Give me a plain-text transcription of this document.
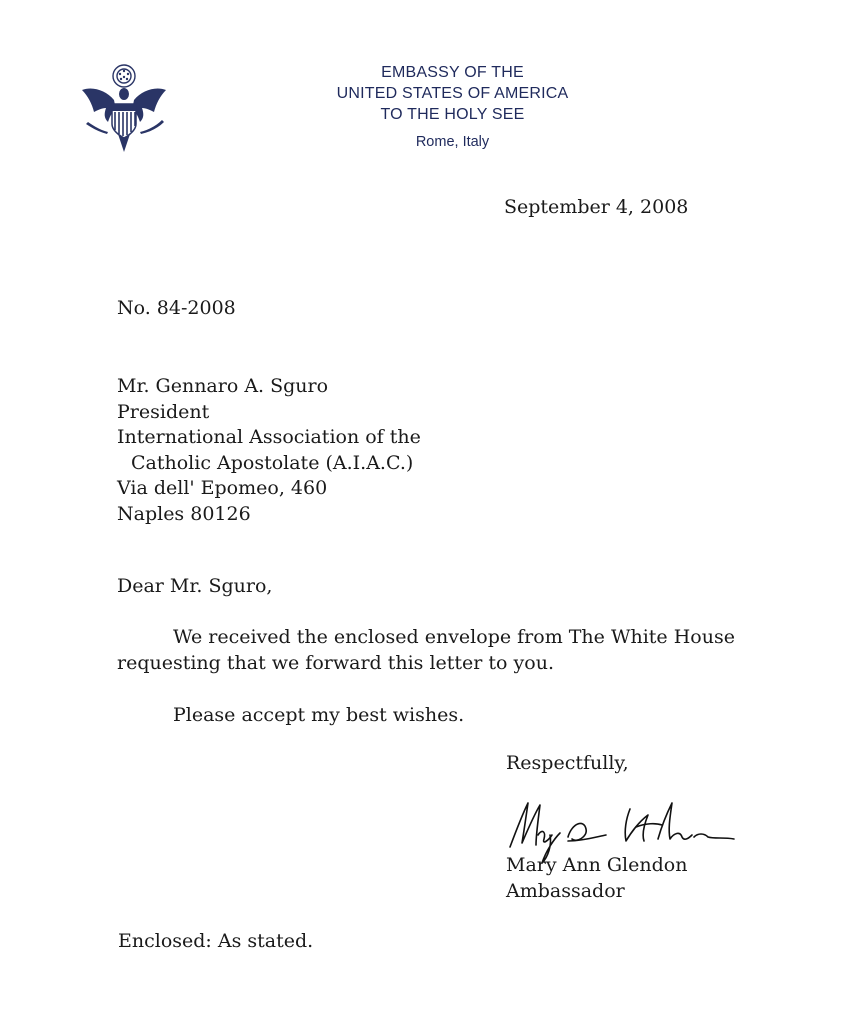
EMBASSY OF THE
UNITED STATES OF AMERICA
TO THE HOLY SEE
Rome, Italy
September 4, 2008
No. 84-2008
Mr. Gennaro A. Sguro
President
International Association of the
Catholic Apostolate (A.I.A.C.)
Via dell' Epomeo, 460
Naples 80126
Dear Mr. Sguro,
We received the enclosed envelope from The White House requesting that we forward this letter to you.
Please accept my best wishes.
Respectfully,
Mary Ann Glendon
Ambassador
Enclosed: As stated.
